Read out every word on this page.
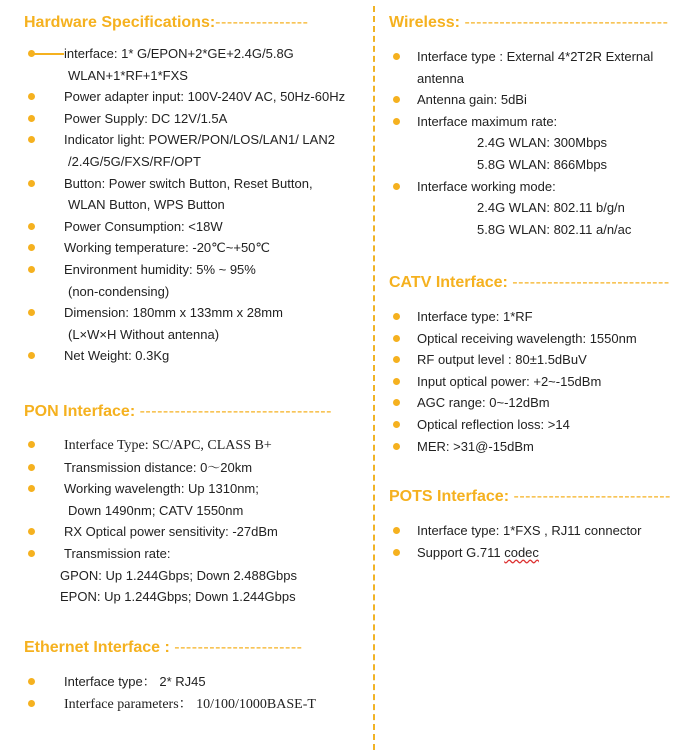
Hardware Specifications:----------------
interface: 1* G/EPON+2*GE+2.4G/5.8G
WLAN+1*RF+1*FXS
Power adapter input: 100V-240V AC, 50Hz-60Hz
Power Supply: DC 12V/1.5A
Indicator light: POWER/PON/LOS/LAN1/ LAN2
/2.4G/5G/FXS/RF/OPT
Button: Power switch Button, Reset Button,
WLAN Button, WPS Button
Power Consumption: <18W
Working temperature: -20℃~+50℃
Environment humidity: 5% ~ 95%
(non-condensing)
Dimension: 180mm x 133mm x 28mm
(L×W×H Without antenna)
Net Weight: 0.3Kg
PON Interface: ---------------------------------
Interface Type: SC/APC, CLASS B+
Transmission distance: 0～20km
Working wavelength: Up 1310nm;
Down 1490nm; CATV 1550nm
RX Optical power sensitivity: -27dBm
Transmission rate:
GPON: Up 1.244Gbps; Down 2.488Gbps
EPON: Up 1.244Gbps; Down 1.244Gbps
Ethernet Interface : ----------------------
Interface type： 2* RJ45
Interface parameters： 10/100/1000BASE-T
Wireless: -----------------------------------
Interface type : External 4*2T2R External
antenna
Antenna gain: 5dBi
Interface maximum rate:
2.4G WLAN: 300Mbps
5.8G WLAN: 866Mbps
Interface working mode:
2.4G WLAN: 802.11 b/g/n
5.8G WLAN: 802.11 a/n/ac
CATV Interface: ---------------------------
Interface type: 1*RF
Optical receiving wavelength: 1550nm
RF output level : 80±1.5dBuV
Input optical power: +2~-15dBm
AGC range: 0~-12dBm
Optical reflection loss: >14
MER: >31@-15dBm
POTS Interface: ---------------------------
Interface type: 1*FXS , RJ11 connector
Support G.711 codec
